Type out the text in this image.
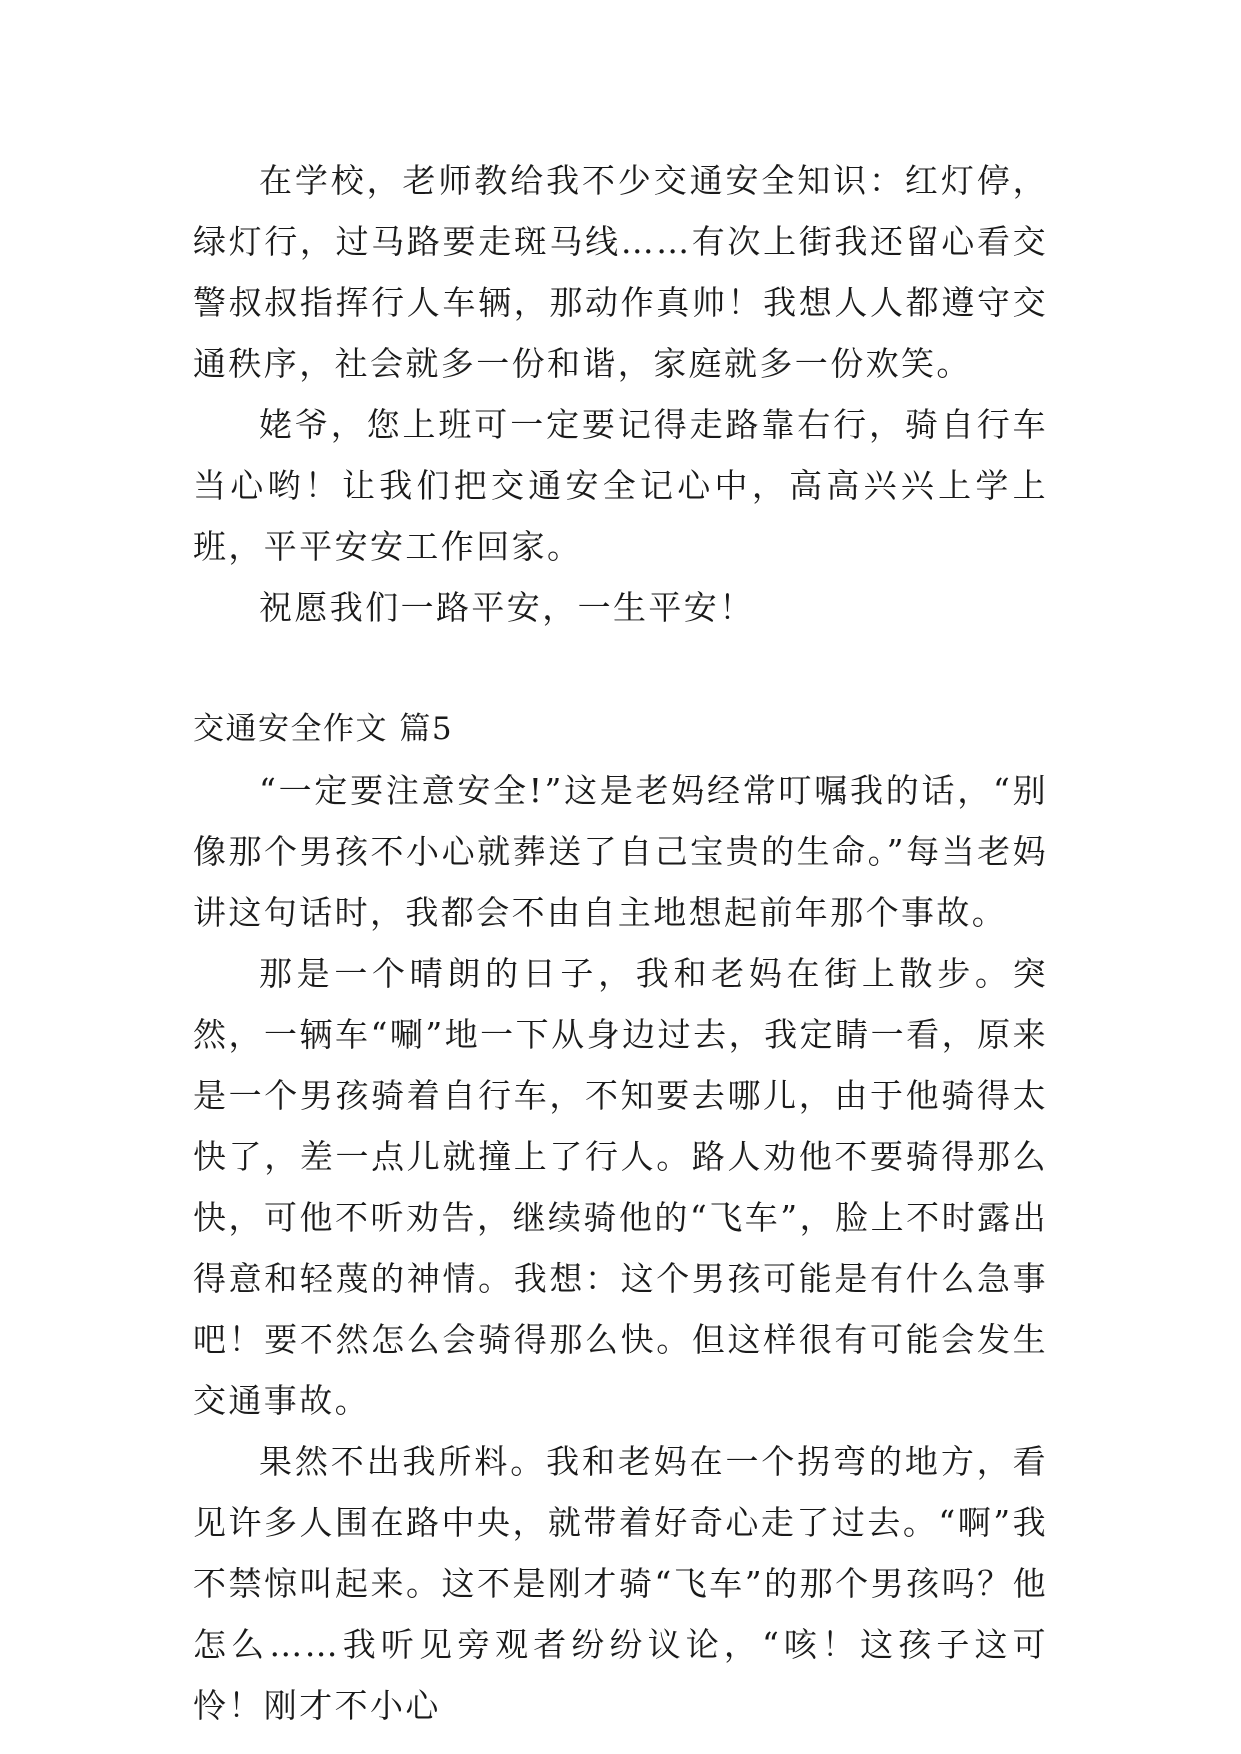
在学校，老师教给我不少交通安全知识：红灯停，绿灯行，过马路要走斑马线……有次上街我还留心看交警叔叔指挥行人车辆，那动作真帅！我想人人都遵守交通秩序，社会就多一份和谐，家庭就多一份欢笑。

姥爷，您上班可一定要记得走路靠右行，骑自行车当心哟！让我们把交通安全记心中，高高兴兴上学上班，平平安安工作回家。

祝愿我们一路平安，一生平安！

交通安全作文 篇5

“一定要注意安全!”这是老妈经常叮嘱我的话，“别像那个男孩不小心就葬送了自己宝贵的生命。”每当老妈讲这句话时，我都会不由自主地想起前年那个事故。

那是一个晴朗的日子，我和老妈在街上散步。突然，一辆车“唰”地一下从身边过去，我定睛一看，原来是一个男孩骑着自行车，不知要去哪儿，由于他骑得太快了，差一点儿就撞上了行人。路人劝他不要骑得那么快，可他不听劝告，继续骑他的“飞车”，脸上不时露出得意和轻蔑的神情。我想：这个男孩可能是有什么急事吧！要不然怎么会骑得那么快。但这样很有可能会发生交通事故。

果然不出我所料。我和老妈在一个拐弯的地方，看见许多人围在路中央，就带着好奇心走了过去。“啊”我不禁惊叫起来。这不是刚才骑“飞车”的那个男孩吗？他怎么……我听见旁观者纷纷议论，“咳！这孩子这可怜！刚才不小心
